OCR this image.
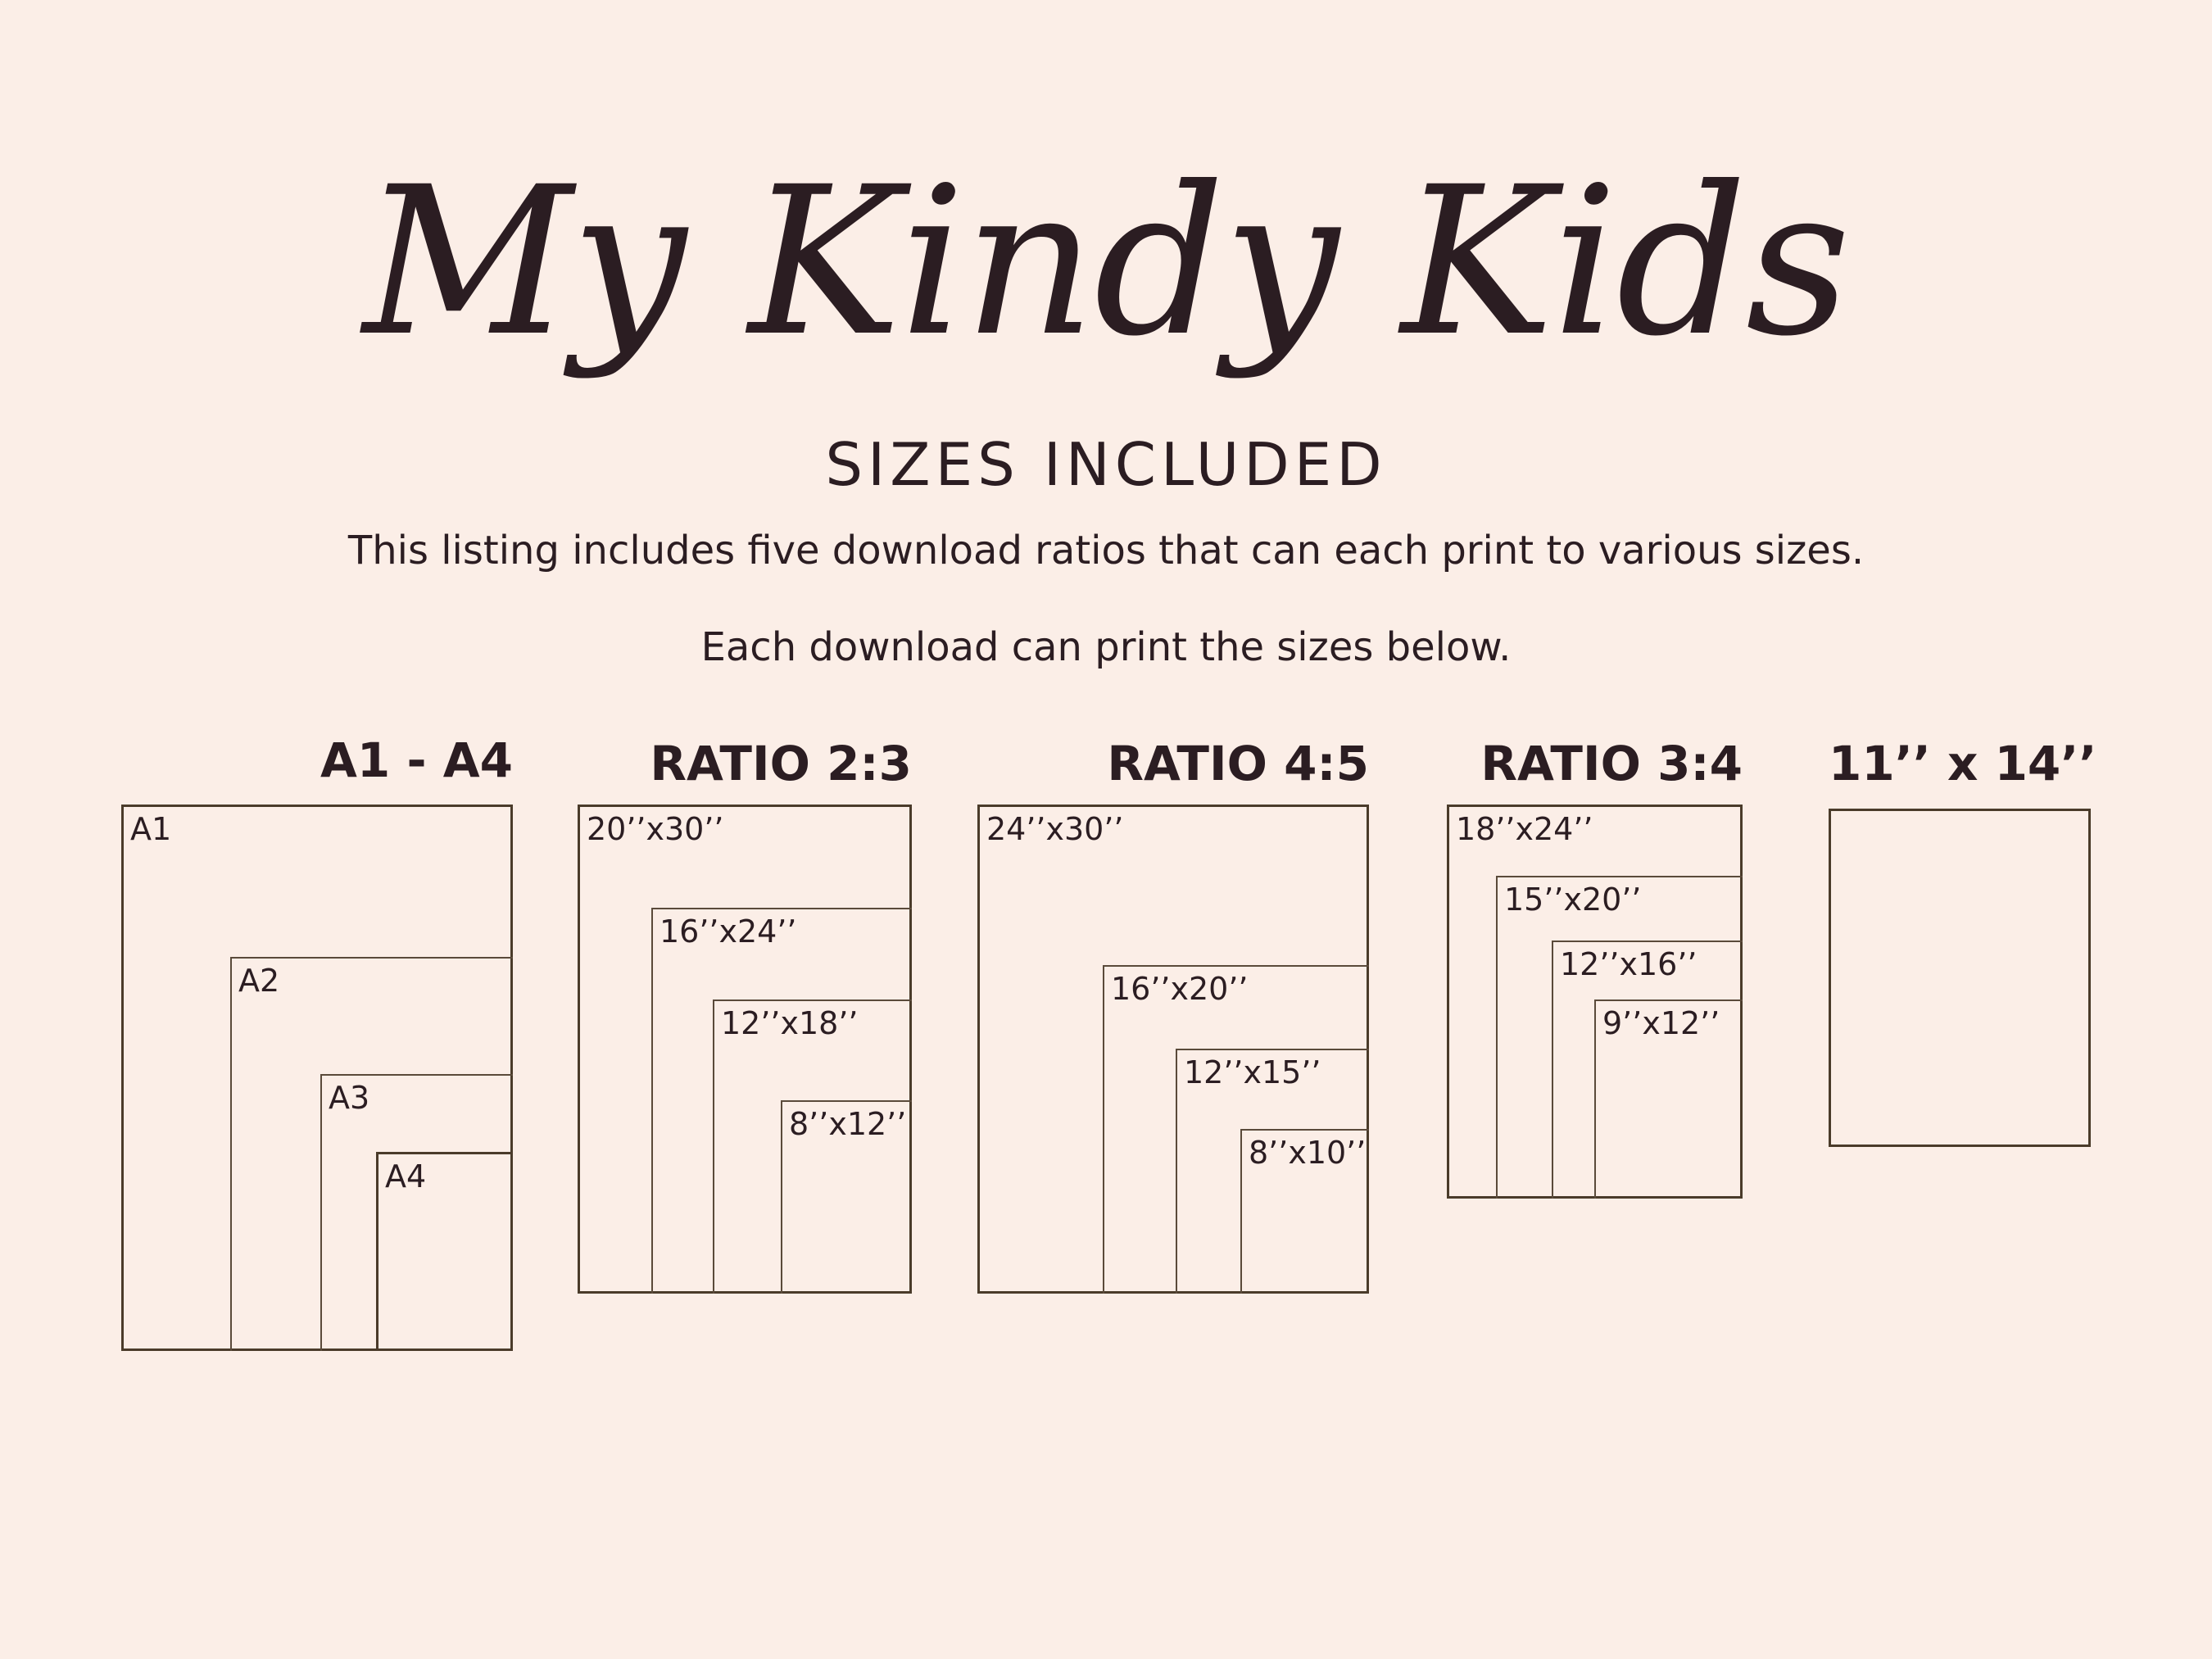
My Kindy Kids
SIZES INCLUDED
This listing includes five download ratios that can each print to various sizes.
Each download can print the sizes below.
A1 - A4
A1
A2
A3
A4
RATIO 2:3
20’’x30’’
16’’x24’’
12’’x18’’
8’’x12’’
RATIO 4:5
24’’x30’’
16’’x20’’
12’’x15’’
8’’x10’’
RATIO 3:4
18’’x24’’
15’’x20’’
12’’x16’’
9’’x12’’
11’’ x 14’’
